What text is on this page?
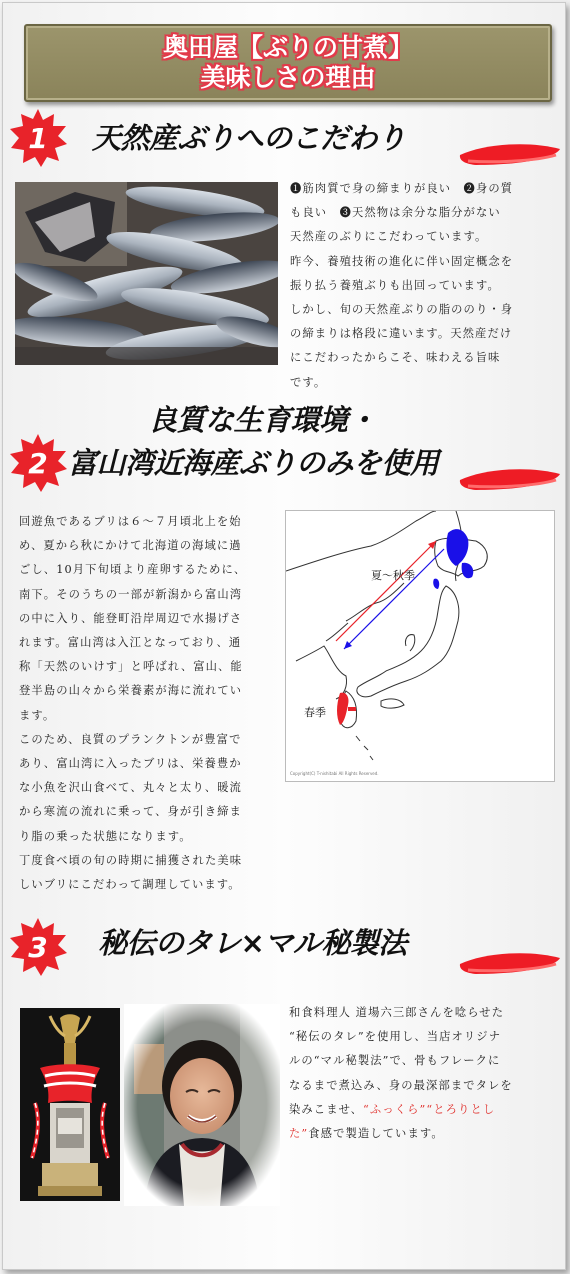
奥田屋【ぶりの甘煮】
美味しさの理由
1	天然産ぶりへのこだわり
❶筋肉質で身の締まりが良い　❷身の質
も良い　❸天然物は余分な脂分がない
天然産のぶりにこだわっています。
昨今、養殖技術の進化に伴い固定概念を
振り払う養殖ぶりも出回っています。
しかし、旬の天然産ぶりの脂ののり・身
の締まりは格段に違います。天然産だけ
にこだわったからこそ、味わえる旨味
です。
良質な生育環境・
2 富山湾近海産ぶりのみを使用
回遊魚であるブリは６～７月頃北上を始
め、夏から秋にかけて北海道の海域に過
ごし、10月下旬頃より産卵するために、
南下。そのうちの一部が新潟から富山湾
の中に入り、能登町沿岸周辺で水揚げさ
れます。富山湾は入江となっており、通
称「天然のいけす」と呼ばれ、富山、能
登半島の山々から栄養素が海に流れてい
ます。
このため、良質のプランクトンが豊富で
あり、富山湾に入ったブリは、栄養豊か
な小魚を沢山食べて、丸々と太り、暖流
から寒流の流れに乗って、身が引き締ま
り脂の乗った状態になります。
丁度食べ頃の旬の時期に捕獲された美味
しいブリにこだわって調理しています。
夏～秋季
春季
Copyright(C) T-nishitabi All Rights Reserved.
3	秘伝のタレ×マル秘製法
和食料理人 道場六三郎さんを唸らせた
“秘伝のタレ”を使用し、当店オリジナ
ルの“マル秘製法”で、骨もフレークに
なるまで煮込み、身の最深部までタレを
染みこませ、“ふっくら”“とろりとし
た”食感で製造しています。
